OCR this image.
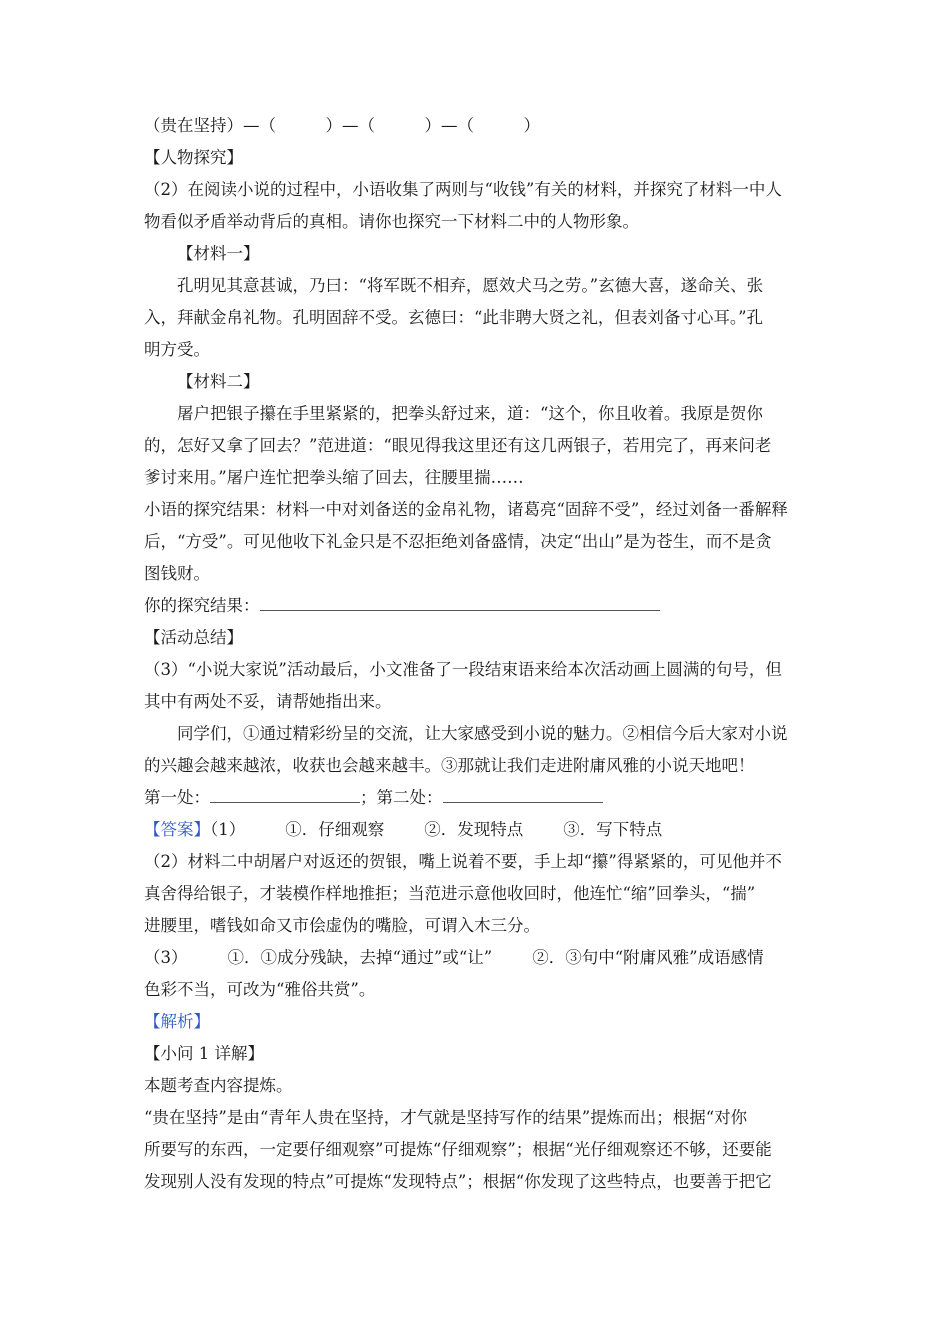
（贵在坚持）—（　　　）—（　　　）—（　　　）
【人物探究】
（2）在阅读小说的过程中，小语收集了两则与“收钱”有关的材料，并探究了材料一中人
物看似矛盾举动背后的真相。请你也探究一下材料二中的人物形象。
【材料一】
孔明见其意甚诚，乃曰：“将军既不相弃，愿效犬马之劳。”玄德大喜，遂命关、张
入，拜献金帛礼物。孔明固辞不受。玄德曰：“此非聘大贤之礼，但表刘备寸心耳。”孔
明方受。
【材料二】
屠户把银子攥在手里紧紧的，把拳头舒过来，道：“这个，你且收着。我原是贺你
的，怎好又拿了回去？”范进道：“眼见得我这里还有这几两银子，若用完了，再来问老
爹讨来用。”屠户连忙把拳头缩了回去，往腰里揣……
小语的探究结果：材料一中对刘备送的金帛礼物，诸葛亮“固辞不受”，经过刘备一番解释
后，“方受”。可见他收下礼金只是不忍拒绝刘备盛情，决定“出山”是为苍生，而不是贪
图钱财。
你的探究结果：
【活动总结】
（3）“小说大家说”活动最后，小文准备了一段结束语来给本次活动画上圆满的句号，但
其中有两处不妥，请帮她指出来。
同学们，①通过精彩纷呈的交流，让大家感受到小说的魅力。②相信今后大家对小说
的兴趣会越来越浓，收获也会越来越丰。③那就让我们走进附庸风雅的小说天地吧！
第一处：	；第二处：
【答案】（1） ①．仔细观察 ②．发现特点 ③．写下特点
（2）材料二中胡屠户对返还的贺银，嘴上说着不要，手上却“攥”得紧紧的，可见他并不
真舍得给银子，才装模作样地推拒；当范进示意他收回时，他连忙“缩”回拳头，“揣”
进腰里，嗜钱如命又市侩虚伪的嘴脸，可谓入木三分。
（3） ①．①成分残缺，去掉“通过”或“让” ②．③句中“附庸风雅”成语感情
色彩不当，可改为“雅俗共赏”。
【解析】
【小问 1 详解】
本题考查内容提炼。
“贵在坚持”是由“青年人贵在坚持，才气就是坚持写作的结果”提炼而出；根据“对你
所要写的东西，一定要仔细观察”可提炼“仔细观察”；根据“光仔细观察还不够，还要能
发现别人没有发现的特点”可提炼“发现特点”；根据“你发现了这些特点，也要善于把它
